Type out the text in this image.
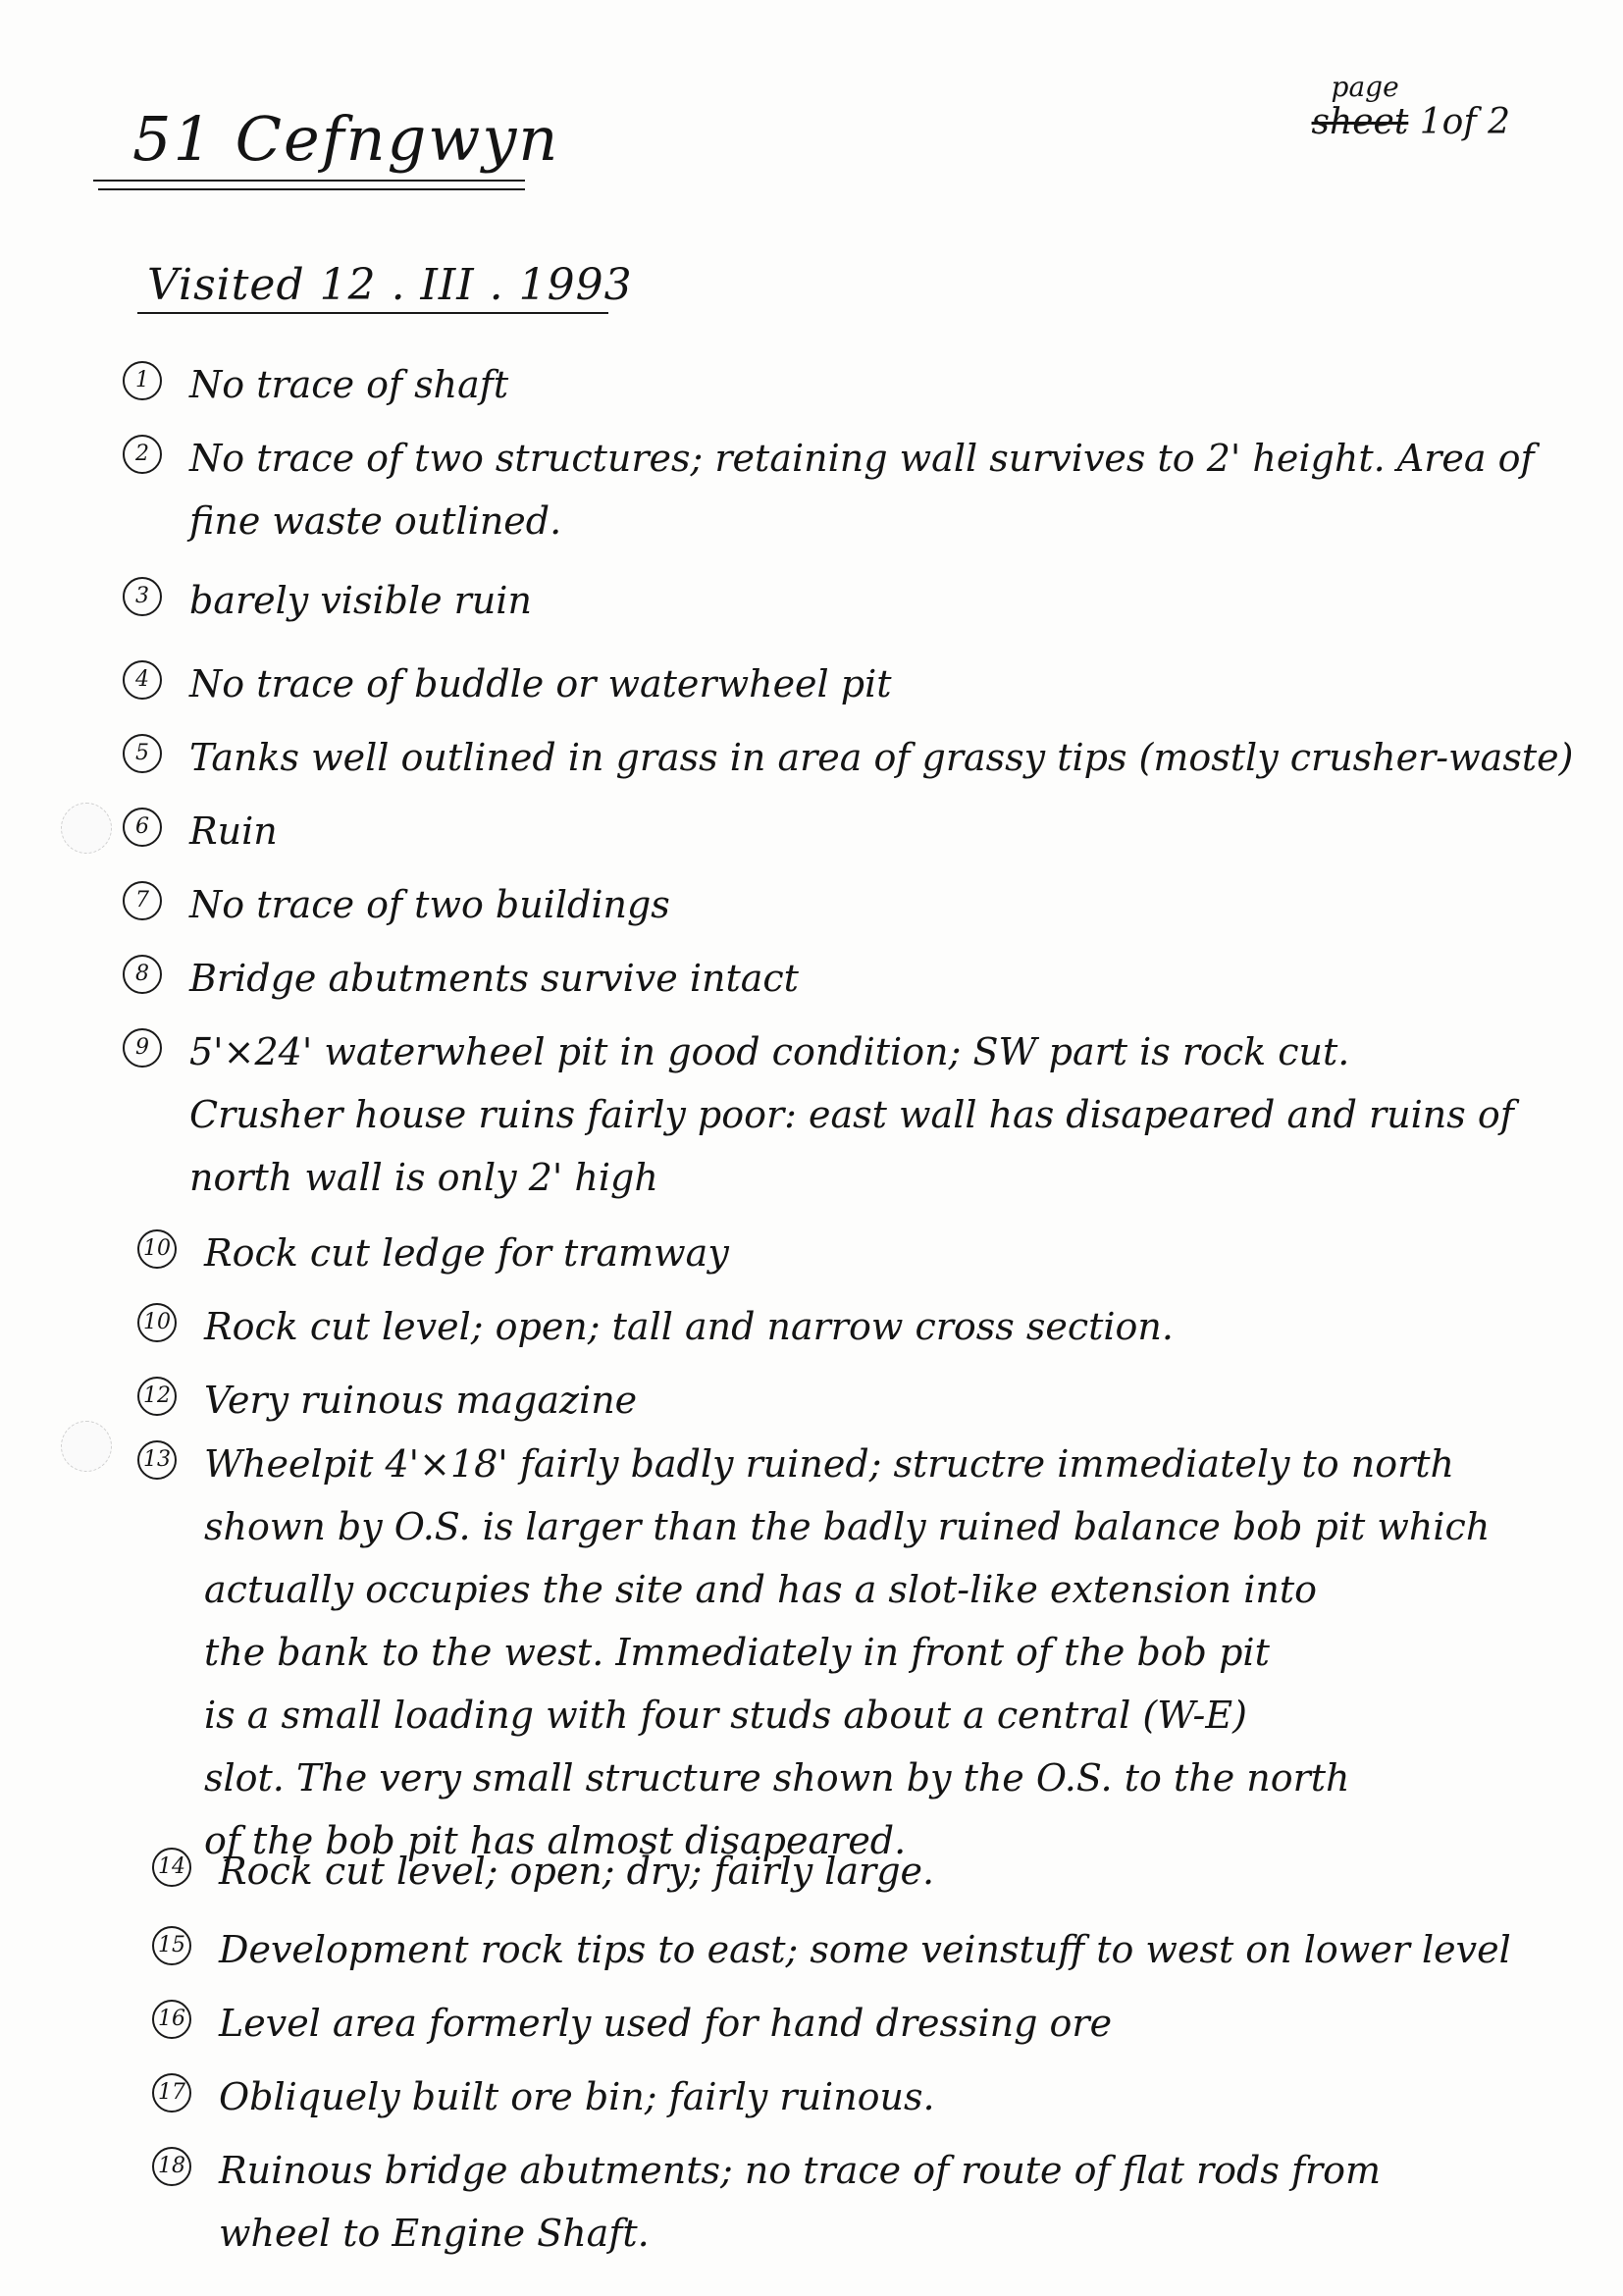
51 Cefngwyn
page
sheet 1of 2
Visited 12 . III . 1993
1	No trace of shaft
2	No trace of two structures; retaining wall survives to 2' height. Area of
fine waste outlined.
3	barely visible ruin
4	No trace of buddle or waterwheel pit
5	Tanks well outlined in grass in area of grassy tips (mostly crusher-waste)
6	Ruin
7	No trace of two buildings
8	Bridge abutments survive intact
9	5'×24' waterwheel pit in good condition; SW part is rock cut.
Crusher house ruins fairly poor: east wall has disapeared and ruins of
north wall is only 2' high
10 Rock cut ledge for tramway
10 Rock cut level; open; tall and narrow cross section.
12 Very ruinous magazine
13 Wheelpit 4'×18' fairly badly ruined; structre immediately to north
shown by O.S. is larger than the badly ruined balance bob pit which
actually occupies the site and has a slot-like extension into
the bank to the west. Immediately in front of the bob pit
is a small loading with four studs about a central (W-E)
slot. The very small structure shown by the O.S. to the north
of the bob pit has almost disapeared.
14 Rock cut level; open; dry; fairly large.
15 Development rock tips to east; some veinstuff to west on lower level
16 Level area formerly used for hand dressing ore
17 Obliquely built ore bin; fairly ruinous.
18 Ruinous bridge abutments; no trace of route of flat rods from
wheel to Engine Shaft.
